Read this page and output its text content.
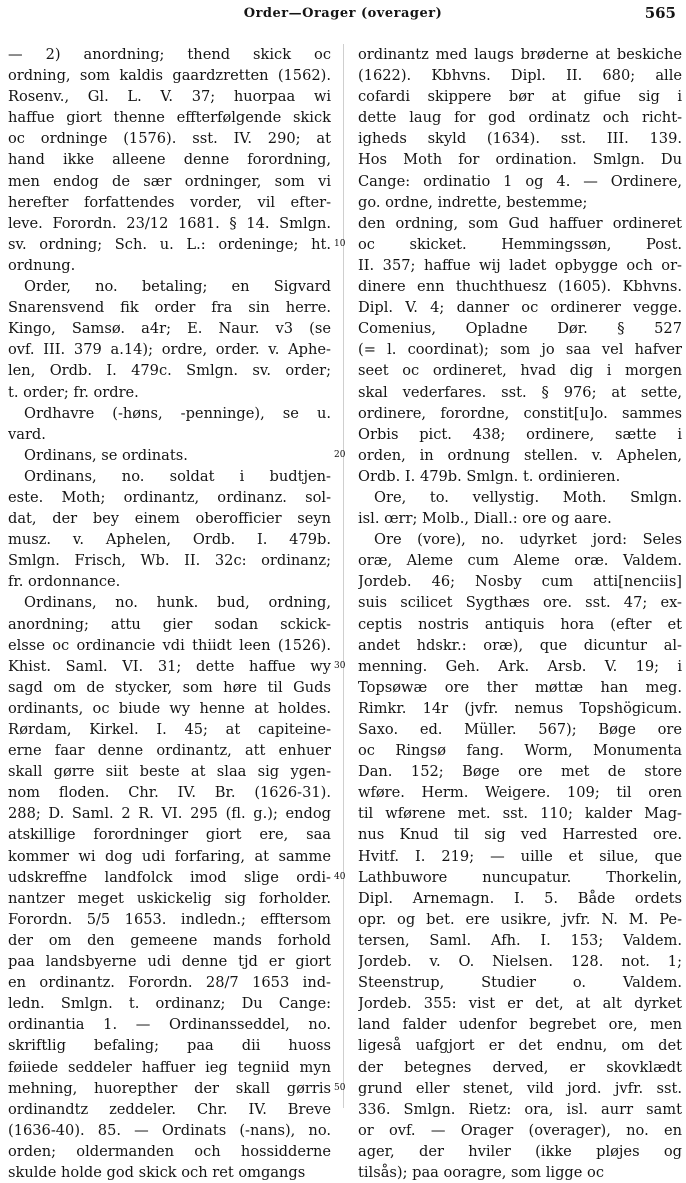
Order—Orager (overager)	565
— 2) anordning; thend skick oc
ordning, som kaldis gaardzretten (1562).
Rosenv., Gl. L. V. 37; huorpaa wi
haffue giort thenne effterfølgende skick
oc ordninge (1576). sst. IV. 290; at
hand ikke alleene denne forordning,
men endog de sær ordninger, som vi
herefter forfattendes vorder, vil efter-
leve. Forordn. 23/12 1681. § 14. Smlgn.
sv. ordning; Sch. u. L.: ordeninge; ht.
ordnung.
Order, no. betaling; en Sigvard
Snarensvend fik order fra sin herre.
Kingo, Samsø. a4r; E. Naur. v3 (se
ovf. III. 379 a.14); ordre, order. v. Aphe-
len, Ordb. I. 479c. Smlgn. sv. order;
t. order; fr. ordre.
Ordhavre (-høns, -penninge), se u.
vard.
Ordinans, se ordinats.
Ordinans, no. soldat i budtjen-
este. Moth; ordinantz, ordinanz. sol-
dat, der bey einem oberofficier seyn
musz. v. Aphelen, Ordb. I. 479b.
Smlgn. Frisch, Wb. II. 32c: ordinanz;
fr. ordonnance.
Ordinans, no. hunk. bud, ordning,
anordning; attu gier sodan sckick-
elsse oc ordinancie vdi thiidt leen (1526).
Khist. Saml. VI. 31; dette haffue wy
sagd om de stycker, som høre til Guds
ordinants, oc biude wy henne at holdes.
Rørdam, Kirkel. I. 45; at capiteine-
erne faar denne ordinantz, att enhuer
skall gørre siit beste at slaa sig ygen-
nom floden. Chr. IV. Br. (1626-31).
288; D. Saml. 2 R. VI. 295 (fl. g.); endog
atskillige forordninger giort ere, saa
kommer wi dog udi forfaring, at samme
udskreffne landfolck imod slige ordi-
nantzer meget uskickelig sig forholder.
Forordn. 5/5 1653. indledn.; efftersom
der om den gemeene mands forhold
paa landsbyerne udi denne tjd er giort
en ordinantz. Forordn. 28/7 1653 ind-
ledn. Smlgn. t. ordinanz; Du Cange:
ordinantia 1. — Ordinansseddel, no.
skriftlig befaling; paa dii huoss
føiiede seddeler haffuer ieg tegniid myn
mehning, huorepther der skall gørris
ordinandtz zeddeler. Chr. IV. Breve
(1636-40). 85. — Ordinats (-nans), no.
orden; oldermanden och hossidderne
skulde holde god skick och ret omgangs
10
20
30
40
50
ordinantz med laugs brøderne at beskiche
(1622). Kbhvns. Dipl. II. 680; alle
cofardi skippere bør at gifue sig i
dette laug for god ordinatz och richt-
igheds skyld (1634). sst. III. 139.
Hos Moth for ordination. Smlgn. Du
Cange: ordinatio 1 og 4. — Ordinere,
go. ordne, indrette, bestemme;
den ordning, som Gud haffuer ordineret
oc skicket. Hemmingssøn, Post.
II. 357; haffue wij ladet opbygge och or-
dinere enn thuchthuesz (1605). Kbhvns.
Dipl. V. 4; danner oc ordinerer vegge.
Comenius, Opladne Dør. § 527
(= l. coordinat); som jo saa vel hafver
seet oc ordineret, hvad dig i morgen
skal vederfares. sst. § 976; at sette,
ordinere, forordne, constit[u]o. sammes
Orbis pict. 438; ordinere, sætte i
orden, in ordnung stellen. v. Aphelen,
Ordb. I. 479b. Smlgn. t. ordinieren.
Ore, to. vellystig. Moth. Smlgn.
isl. œrr; Molb., Diall.: ore og aare.
Ore (vore), no. udyrket jord: Seles
oræ, Aleme cum Aleme oræ. Valdem.
Jordeb. 46; Nosby cum atti[nenciis]
suis scilicet Sygthæs ore. sst. 47; ex-
ceptis nostris antiquis hora (efter et
andet hdskr.: oræ), que dicuntur al-
menning. Geh. Ark. Arsb. V. 19; i
Topsøwæ ore ther møttæ han meg.
Rimkr. 14r (jvfr. nemus Topshögicum.
Saxo. ed. Müller. 567); Bøge ore
oc Ringsø fang. Worm, Monumenta
Dan. 152; Bøge ore met de store
wføre. Herm. Weigere. 109; til oren
til wførene met. sst. 110; kalder Mag-
nus Knud til sig ved Harrested ore.
Hvitf. I. 219; — uille et silue, que
Lathbuwore nuncupatur. Thorkelin,
Dipl. Arnemagn. I. 5. Både ordets
opr. og bet. ere usikre, jvfr. N. M. Pe-
tersen, Saml. Afh. I. 153; Valdem.
Jordeb. v. O. Nielsen. 128. not. 1;
Steenstrup, Studier o. Valdem.
Jordeb. 355: vist er det, at alt dyrket
land falder udenfor begrebet ore, men
ligeså uafgjort er det endnu, om det
der betegnes derved, er skovklædt
grund eller stenet, vild jord. jvfr. sst.
336. Smlgn. Rietz: ora, isl. aurr samt
or ovf. — Orager (overager), no. en
ager, der hviler (ikke pløjes og
tilsås); paa ooragre, som ligge oc
